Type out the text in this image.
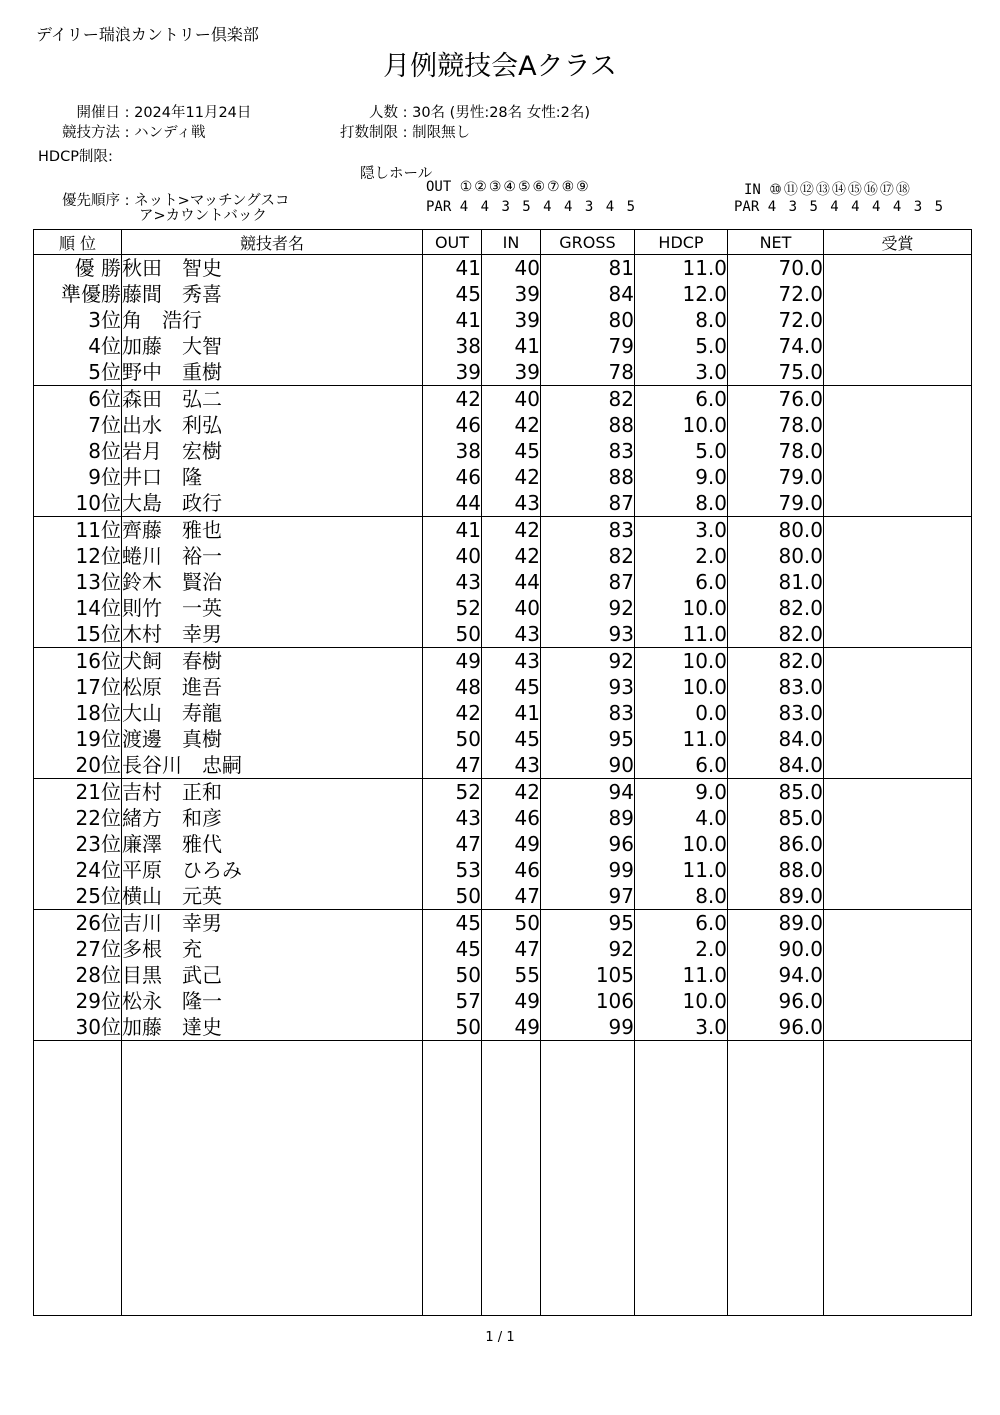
デイリー瑞浪カントリー倶楽部
月例競技会Aクラス
開催日 : 2024年11月24日
競技方法 : ハンディ戦
HDCP制限:
人数 : 30名 (男性:28名 女性:2名)
打数制限 : 制限無し
隠しホール
優先順序 : ネット>マッチングスコ
ア>カウントバック
OUT ①②③④⑤⑥⑦⑧⑨
PAR 4 4 3 5 4 4 3 4 5
IN ⑩⑪⑫⑬⑭⑮⑯⑰⑱
PAR 4 3 5 4 4 4 4 3 5
順 位	競技者名	OUT	IN	GROSS	HDCP	NET	受賞
優 勝	秋田　智史	41	40	81	11.0	70.0	
準優勝	藤間　秀喜	45	39	84	12.0	72.0	
3位	角　浩行	41	39	80	8.0	72.0	
4位	加藤　大智	38	41	79	5.0	74.0	
5位	野中　重樹	39	39	78	3.0	75.0	
6位	森田　弘二	42	40	82	6.0	76.0	
7位	出水　利弘	46	42	88	10.0	78.0	
8位	岩月　宏樹	38	45	83	5.0	78.0	
9位	井口　隆	46	42	88	9.0	79.0	
10位	大島　政行	44	43	87	8.0	79.0	
11位	齊藤　雅也	41	42	83	3.0	80.0	
12位	蜷川　裕一	40	42	82	2.0	80.0	
13位	鈴木　賢治	43	44	87	6.0	81.0	
14位	則竹　一英	52	40	92	10.0	82.0	
15位	木村　幸男	50	43	93	11.0	82.0	
16位	犬飼　春樹	49	43	92	10.0	82.0	
17位	松原　進吾	48	45	93	10.0	83.0	
18位	大山　寿龍	42	41	83	0.0	83.0	
19位	渡邊　真樹	50	45	95	11.0	84.0	
20位	長谷川　忠嗣	47	43	90	6.0	84.0	
21位	吉村　正和	52	42	94	9.0	85.0	
22位	緒方　和彦	43	46	89	4.0	85.0	
23位	廉澤　雅代	47	49	96	10.0	86.0	
24位	平原　ひろみ	53	46	99	11.0	88.0	
25位	横山　元英	50	47	97	8.0	89.0	
26位	吉川　幸男	45	50	95	6.0	89.0	
27位	多根　充	45	47	92	2.0	90.0	
28位	目黒　武己	50	55	105	11.0	94.0	
29位	松永　隆一	57	49	106	10.0	96.0	
30位	加藤　達史	50	49	99	3.0	96.0	

1 / 1
